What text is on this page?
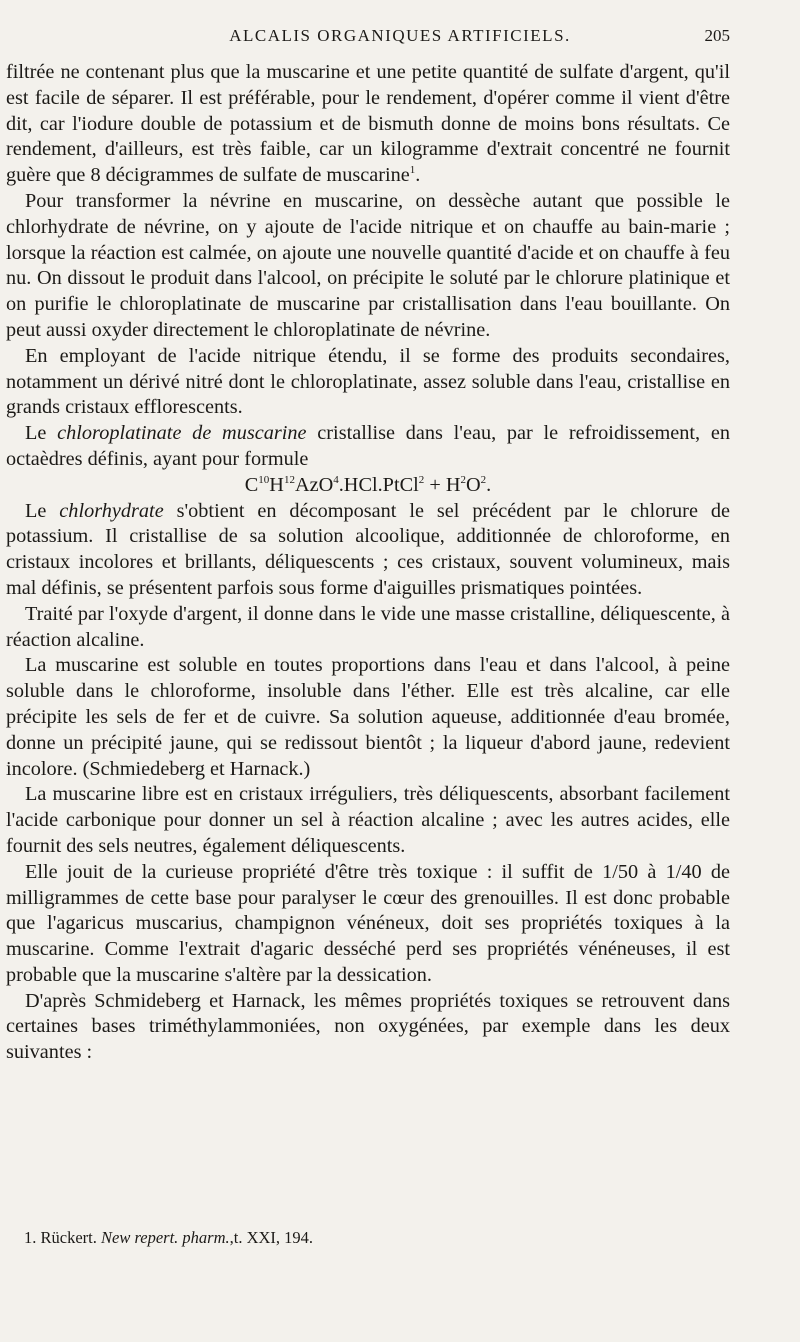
ALCALIS ORGANIQUES ARTIFICIELS.	205

filtrée ne contenant plus que la muscarine et une petite quantité de sulfate d'argent, qu'il est facile de séparer. Il est préférable, pour le rendement, d'opérer comme il vient d'être dit, car l'iodure double de potassium et de bismuth donne de moins bons résultats. Ce rendement, d'ailleurs, est très faible, car un kilogramme d'extrait concentré ne fournit guère que 8 décigrammes de sulfate de muscarine$^1$.

Pour transformer la névrine en muscarine, on dessèche autant que possible le chlorhydrate de névrine, on y ajoute de l'acide nitrique et on chauffe au bain-marie ; lorsque la réaction est calmée, on ajoute une nouvelle quantité d'acide et on chauffe à feu nu. On dissout le produit dans l'alcool, on précipite le soluté par le chlorure platinique et on purifie le chloroplatinate de muscarine par cristallisation dans l'eau bouillante. On peut aussi oxyder directement le chloroplatinate de névrine.

En employant de l'acide nitrique étendu, il se forme des produits secondaires, notamment un dérivé nitré dont le chloroplatinate, assez soluble dans l'eau, cristallise en grands cristaux efflorescents.

Le chloroplatinate de muscarine cristallise dans l'eau, par le refroidissement, en octaèdres définis, ayant pour formule

$C^{10}H^{12}AzO^4.HCl.PtCl^2 + H^2O^2$.

Le chlorhydrate s'obtient en décomposant le sel précédent par le chlorure de potassium. Il cristallise de sa solution alcoolique, additionnée de chloroforme, en cristaux incolores et brillants, déliquescents ; ces cristaux, souvent volumineux, mais mal définis, se présentent parfois sous forme d'aiguilles prismatiques pointées.

Traité par l'oxyde d'argent, il donne dans le vide une masse cristalline, déliquescente, à réaction alcaline.

La muscarine est soluble en toutes proportions dans l'eau et dans l'alcool, à peine soluble dans le chloroforme, insoluble dans l'éther. Elle est très alcaline, car elle précipite les sels de fer et de cuivre. Sa solution aqueuse, additionnée d'eau bromée, donne un précipité jaune, qui se redissout bientôt ; la liqueur d'abord jaune, redevient incolore. (Schmiedeberg et Harnack.)

La muscarine libre est en cristaux irréguliers, très déliquescents, absorbant facilement l'acide carbonique pour donner un sel à réaction alcaline ; avec les autres acides, elle fournit des sels neutres, également déliquescents.

Elle jouit de la curieuse propriété d'être très toxique : il suffit de 1/50 à 1/40 de milligrammes de cette base pour paralyser le cœur des grenouilles. Il est donc probable que l'agaricus muscarius, champignon vénéneux, doit ses propriétés toxiques à la muscarine. Comme l'extrait d'agaric desséché perd ses propriétés vénéneuses, il est probable que la muscarine s'altère par la dessication.

D'après Schmideberg et Harnack, les mêmes propriétés toxiques se retrouvent dans certaines bases triméthylammoniées, non oxygénées, par exemple dans les deux suivantes :

1. Rückert. New repert. pharm.,t. XXI, 194.
